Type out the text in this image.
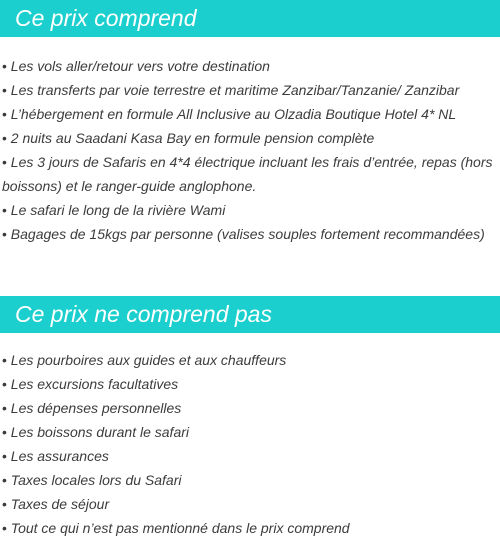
Ce prix comprend
• Les vols aller/retour vers votre destination
• Les transferts par voie terrestre et maritime Zanzibar/Tanzanie/ Zanzibar
• L’hébergement en formule All Inclusive au Olzadia Boutique Hotel 4* NL
• 2 nuits au Saadani Kasa Bay en formule pension complète
• Les 3 jours de Safaris en 4*4 électrique incluant les frais d’entrée, repas (hors boissons) et le ranger-guide anglophone.
• Le safari le long de la rivière Wami
• Bagages de 15kgs par personne (valises souples fortement recommandées)
Ce prix ne comprend pas
• Les pourboires aux guides et aux chauffeurs
• Les excursions facultatives
• Les dépenses personnelles
• Les boissons durant le safari
• Les assurances
• Taxes locales lors du Safari
• Taxes de séjour
• Tout ce qui n’est pas mentionné dans le prix comprend
